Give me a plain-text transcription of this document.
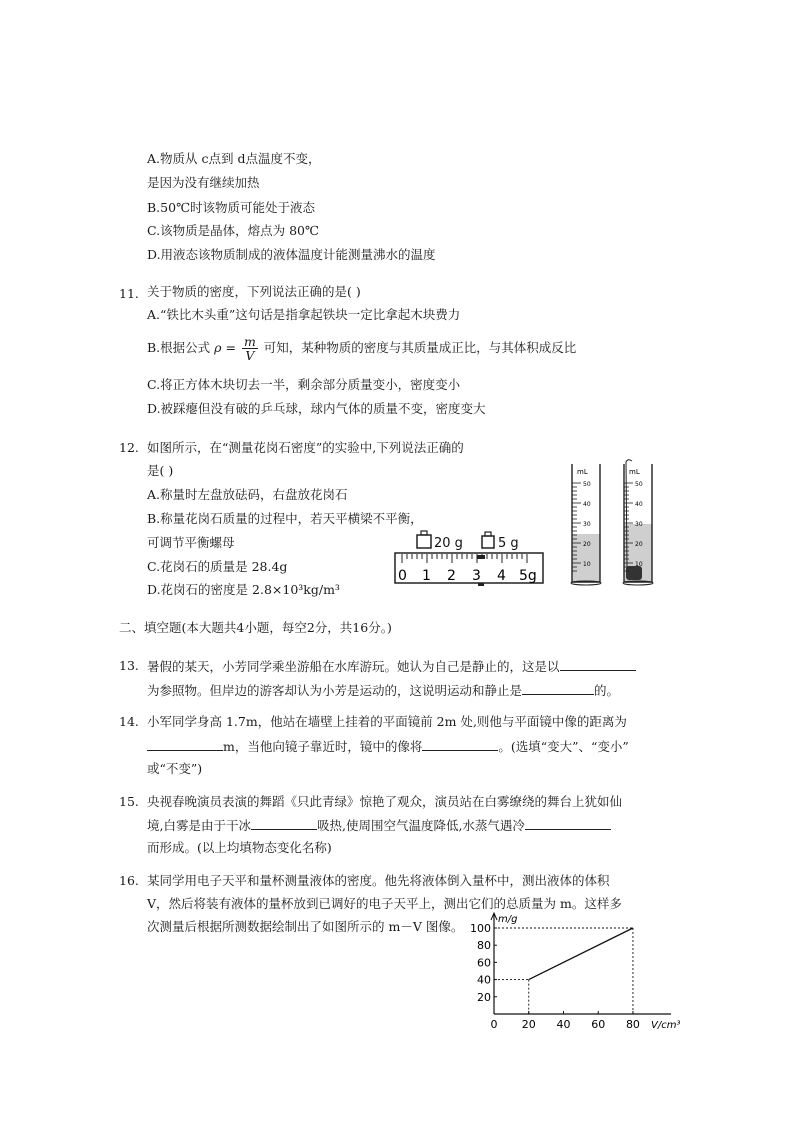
A.物质从 c点到 d点温度不变，
是因为没有继续加热
B.50℃时该物质可能处于液态
C.该物质是晶体，熔点为 80℃
D.用液态该物质制成的液体温度计能测量沸水的温度
11. 关于物质的密度，下列说法正确的是( )
A.“铁比木头重”这句话是指拿起铁块一定比拿起木块费力
B.根据公式 $\rho = \frac{m}{V}$ 可知，某种物质的密度与其质量成正比，与其体积成反比
C.将正方体木块切去一半，剩余部分质量变小，密度变小
D.被踩瘪但没有破的乒乓球，球内气体的质量不变，密度变大
12. 如图所示，在“测量花岗石密度”的实验中,下列说法正确的
是( )
A.称量时左盘放砝码，右盘放花岗石
B.称量花岗石质量的过程中，若天平横梁不平衡，
可调节平衡螺母
C.花岗石的质量是 28.4g
D.花岗石的密度是 2.8×10³kg/m³
20 g	5 g
0 1 2 3 4 5g
mL
50
40
30
20
10
mL
50
40
30
20
10
二、填空题(本大题共4小题，每空2分，共16分。)
13. 暑假的某天，小芳同学乘坐游船在水库游玩。她认为自己是静止的，这是以
为参照物。但岸边的游客却认为小芳是运动的，这说明运动和静止是	的。
14. 小军同学身高 1.7m，他站在墙壁上挂着的平面镜前 2m 处,则他与平面镜中像的距离为
m，当他向镜子靠近时，镜中的像将	。(选填“变大”、“变小”
或“不变”)
15. 央视春晚演员表演的舞蹈《只此青绿》惊艳了观众，演员站在白雾缭绕的舞台上犹如仙
境,白雾是由于干冰	吸热,使周围空气温度降低,水蒸气遇冷
而形成。(以上均填物态变化名称)
16. 某同学用电子天平和量杯测量液体的密度。他先将液体倒入量杯中，测出液体的体积
V，然后将装有液体的量杯放到已调好的电子天平上，测出它们的总质量为 m。这样多
次测量后根据所测数据绘制出了如图所示的 m－V 图像。
20
40
60
80
100
0 20 40 60 80
m/g
V/cm³
